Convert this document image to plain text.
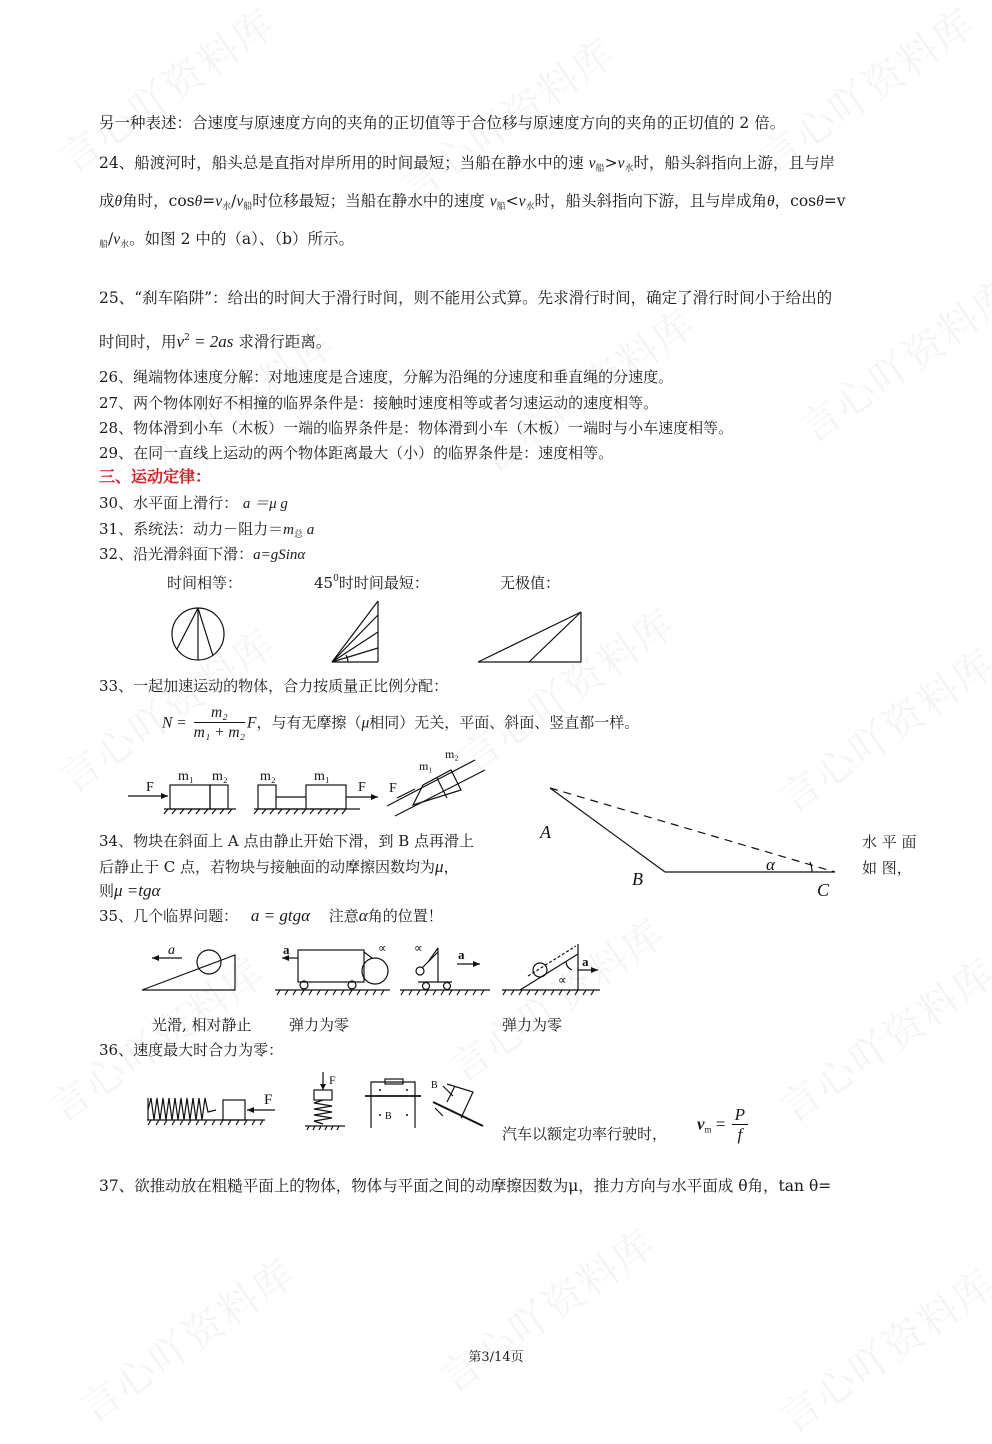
另一种表述：合速度与原速度方向的夹角的正切值等于合位移与原速度方向的夹角的正切值的 2 倍。
24、船渡河时，船头总是直指对岸所用的时间最短；当船在静水中的速 $v_船>v_水$时，船头斜指向上游，且与岸
成θ角时，$\cos\theta=v_水/v_船$时位移最短；当船在静水中的速度 $v_船<v_水$时，船头斜指向下游，且与岸成角θ，cosθ=v
$_船/v_水$。如图 2 中的（a）、（b）所示。
25、“刹车陷阱”：给出的时间大于滑行时间，则不能用公式算。先求滑行时间，确定了滑行时间小于给出的
时间时，用$v^2 = 2as$ 求滑行距离。
26、绳端物体速度分解：对地速度是合速度，分解为沿绳的分速度和垂直绳的分速度。
27、两个物体刚好不相撞的临界条件是：接触时速度相等或者匀速运动的速度相等。
28、物体滑到小车（木板）一端的临界条件是：物体滑到小车（木板）一端时与小车速度相等。
29、在同一直线上运动的两个物体距离最大（小）的临界条件是：速度相等。
三、运动定律：
30、水平面上滑行： a ＝μ g
31、系统法：动力－阻力$=m_总$ a
32、沿光滑斜面下滑：a=gSinα
时间相等：	$45^0$时时间最短：	无极值：
33、一起加速运动的物体，合力按质量正比例分配：
$N = \frac{\text{m₂}}{\text{m₁ + m₂}}$ F，与有无摩擦（μ相同）无关，平面、斜面、竖直都一样。
F
m₁ m₂ m₂	m₁
F F
m₁
m₂
34、物块在斜面上 A 点由静止开始下滑，到 B 点再滑上	水 平 面
后静止于 C 点，若物块与接触面的动摩擦因数均为μ，	如 图，
则μ =tgα
A
B
C
α
35、几个临界问题： a = gtgα 注意α角的位置！
a	a	∝ ∝	a
∝
a
光滑, 相对静止 弹力为零	弹力为零
36、速度最大时合力为零：
F
F
B
B
汽车以额定功率行驶时，
$v_m = \frac{P}{f}$
37、欲推动放在粗糙平面上的物体，物体与平面之间的动摩擦因数为μ，推力方向与水平面成 θ角，tan θ=
第3/14页
